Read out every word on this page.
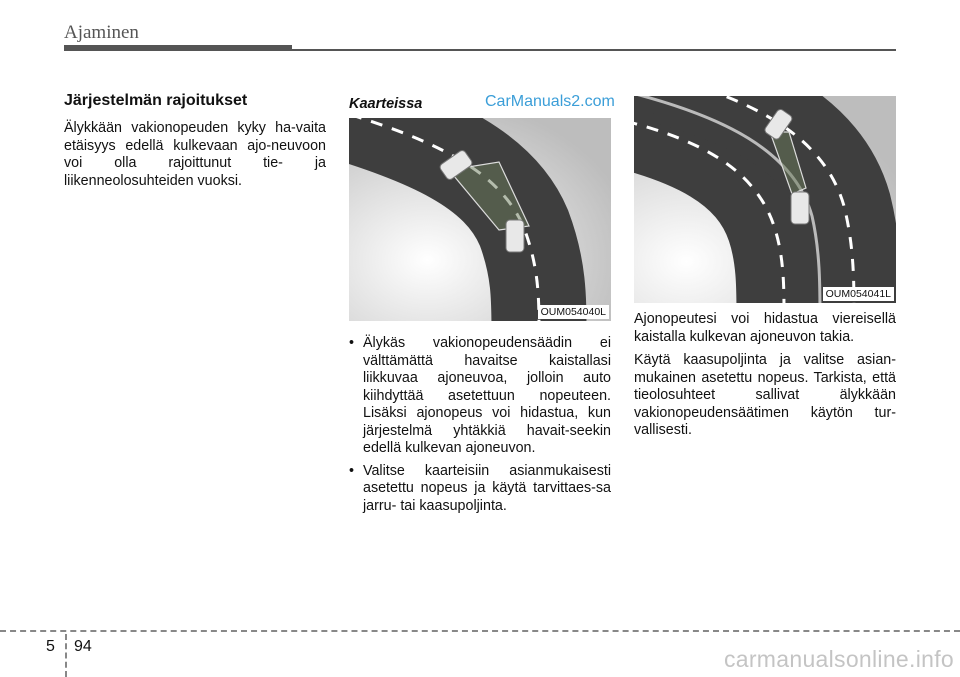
Ajaminen
Järjestelmän rajoitukset

Älykkään vakionopeuden kyky ha-vaita etäisyys edellä kulkevaan ajo-neuvoon voi olla rajoittunut tie- ja liikenneolosuhteiden vuoksi.

Kaarteissa	CarManuals2.com
OUM054040L
• Älykäs vakionopeudensäädin ei välttämättä havaitse kaistallasi liikkuvaa ajoneuvoa, jolloin auto kiihdyttää asetettuun nopeuteen. Lisäksi ajonopeus voi hidastua, kun järjestelmä yhtäkkiä havait-seekin edellä kulkevan ajoneuvon.
• Valitse kaarteisiin asianmukaisesti asetettu nopeus ja käytä tarvittaes-sa jarru- tai kaasupoljinta.
OUM054041L

Ajonopeutesi voi hidastua viereisellä kaistalla kulkevan ajoneuvon takia.

Käytä kaasupoljinta ja valitse asian-mukainen asetettu nopeus. Tarkista, että tieolosuhteet sallivat älykkään vakionopeudensäätimen käytön tur-vallisesti.

5 94	carmanualsonline.info
